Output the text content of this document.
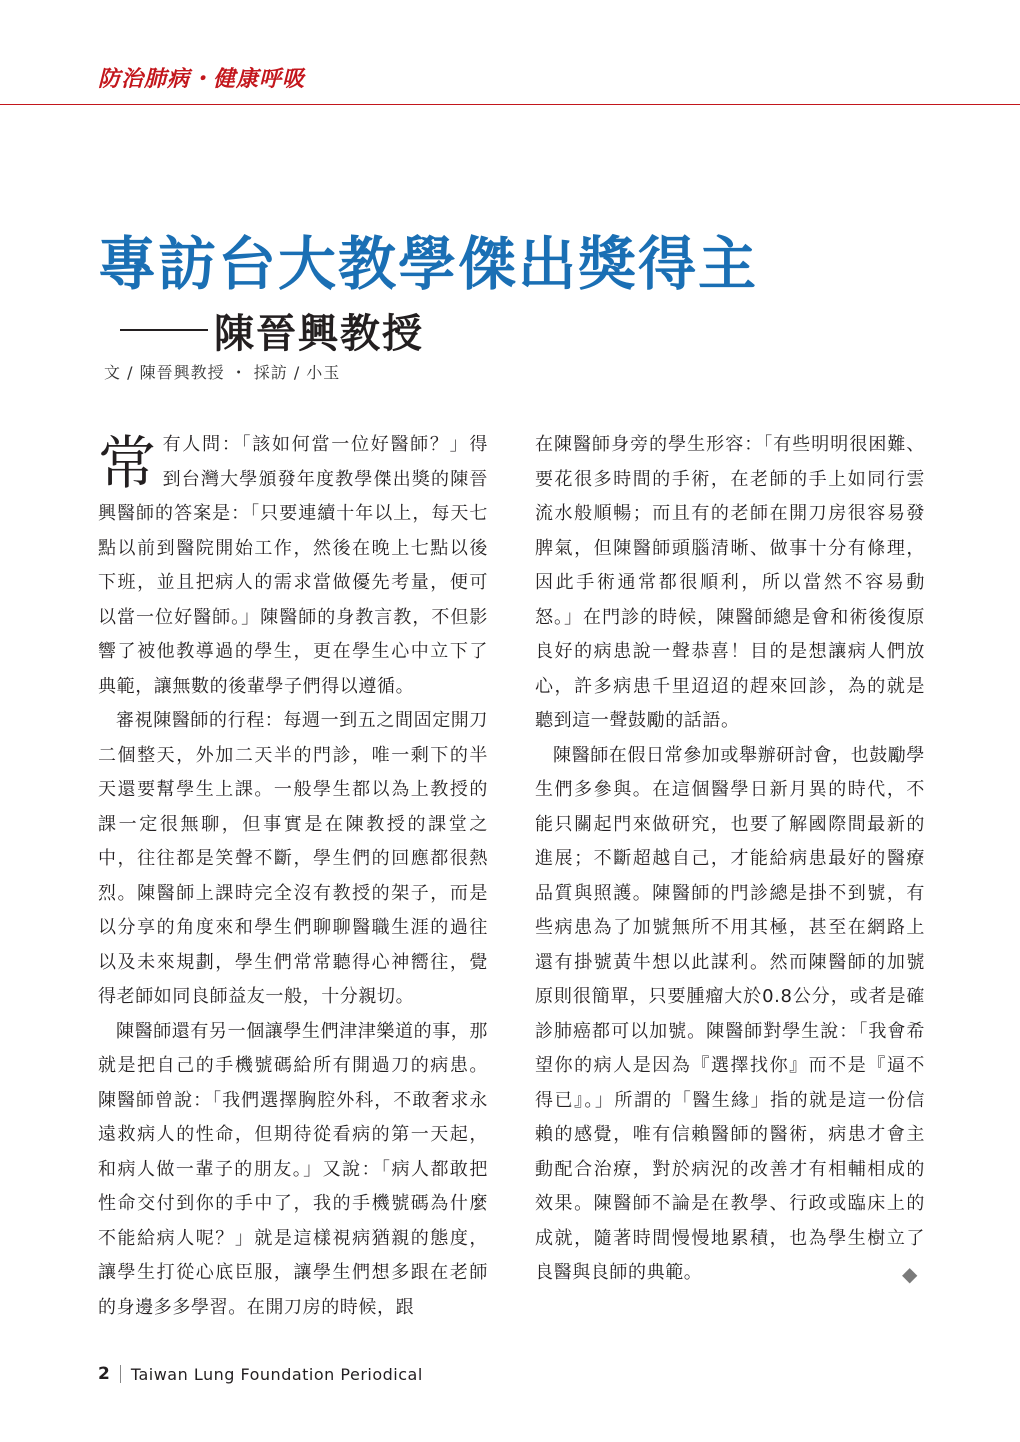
防治肺病・健康呼吸
專訪台大教學傑出獎得主
陳晉興教授
文 / 陳晉興教授 ・ 採訪 / 小玉

常有人問：「該如何當一位好醫師？」得到台灣大學頒發年度教學傑出獎的陳晉興醫師的答案是：「只要連續十年以上，每天七點以前到醫院開始工作，然後在晚上七點以後下班，並且把病人的需求當做優先考量，便可以當一位好醫師。」陳醫師的身教言教，不但影響了被他教導過的學生，更在學生心中立下了典範，讓無數的後輩學子們得以遵循。

審視陳醫師的行程：每週一到五之間固定開刀二個整天，外加二天半的門診，唯一剩下的半天還要幫學生上課。一般學生都以為上教授的課一定很無聊，但事實是在陳教授的課堂之中，往往都是笑聲不斷，學生們的回應都很熱烈。陳醫師上課時完全沒有教授的架子，而是以分享的角度來和學生們聊聊醫職生涯的過往以及未來規劃，學生們常常聽得心神嚮往，覺得老師如同良師益友一般，十分親切。

陳醫師還有另一個讓學生們津津樂道的事，那就是把自己的手機號碼給所有開過刀的病患。陳醫師曾說：「我們選擇胸腔外科，不敢奢求永遠救病人的性命，但期待從看病的第一天起，和病人做一輩子的朋友。」又說：「病人都敢把性命交付到你的手中了，我的手機號碼為什麼不能給病人呢？」就是這樣視病猶親的態度，讓學生打從心底臣服，讓學生們想多跟在老師的身邊多多學習。在開刀房的時候，跟

在陳醫師身旁的學生形容：「有些明明很困難、要花很多時間的手術，在老師的手上如同行雲流水般順暢；而且有的老師在開刀房很容易發脾氣，但陳醫師頭腦清晰、做事十分有條理，因此手術通常都很順利，所以當然不容易動怒。」在門診的時候，陳醫師總是會和術後復原良好的病患說一聲恭喜！目的是想讓病人們放心，許多病患千里迢迢的趕來回診，為的就是聽到這一聲鼓勵的話語。

陳醫師在假日常參加或舉辦研討會，也鼓勵學生們多參與。在這個醫學日新月異的時代，不能只關起門來做研究，也要了解國際間最新的進展；不斷超越自己，才能給病患最好的醫療品質與照護。陳醫師的門診總是掛不到號，有些病患為了加號無所不用其極，甚至在網路上還有掛號黃牛想以此謀利。然而陳醫師的加號原則很簡單，只要腫瘤大於0.8公分，或者是確診肺癌都可以加號。陳醫師對學生說：「我會希望你的病人是因為『選擇找你』而不是『逼不得已』。」所謂的「醫生緣」指的就是這一份信賴的感覺，唯有信賴醫師的醫術，病患才會主動配合治療，對於病況的改善才有相輔相成的效果。陳醫師不論是在教學、行政或臨床上的成就，隨著時間慢慢地累積，也為學生樹立了良醫與良師的典範。	◆
2 Taiwan Lung Foundation Periodical
